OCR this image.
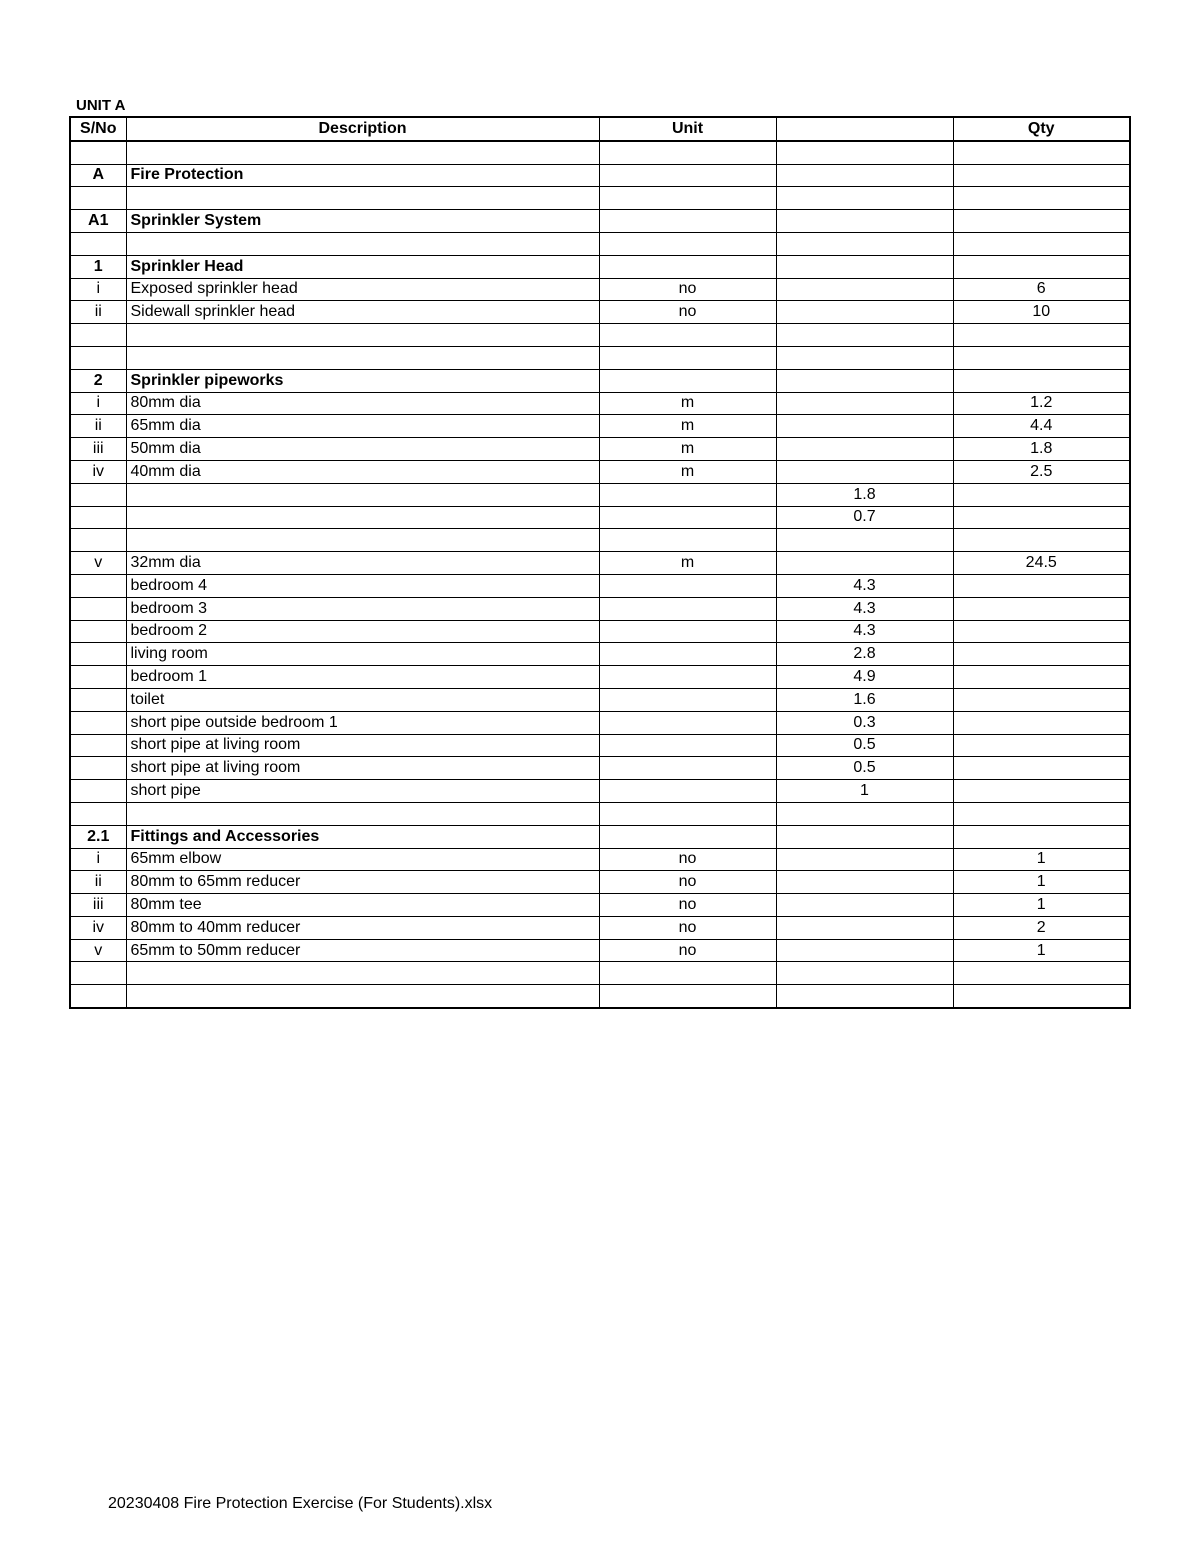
UNIT A
S/No	Description	Unit		Qty

A	Fire Protection			

A1	Sprinkler System			

1	Sprinkler Head			
i	Exposed sprinkler head	no		6
ii	Sidewall sprinkler head	no		10

2	Sprinkler pipeworks			
i	80mm dia	m		1.2
ii	65mm dia	m		4.4
iii	50mm dia	m		1.8
iv	40mm dia	m		2.5
			1.8	
			0.7	

v	32mm dia	m		24.5
	bedroom 4		4.3	
	bedroom 3		4.3	
	bedroom 2		4.3	
	living room		2.8	
	bedroom 1		4.9	
	toilet		1.6	
	short pipe outside bedroom 1		0.3	
	short pipe at living room		0.5	
	short pipe at living room		0.5	
	short pipe		1	

2.1	Fittings and Accessories			
i	65mm elbow	no		1
ii	80mm to 65mm reducer	no		1
iii	80mm tee	no		1
iv	80mm to 40mm reducer	no		2
v	65mm to 50mm reducer	no		1

20230408 Fire Protection Exercise (For Students).xlsx
